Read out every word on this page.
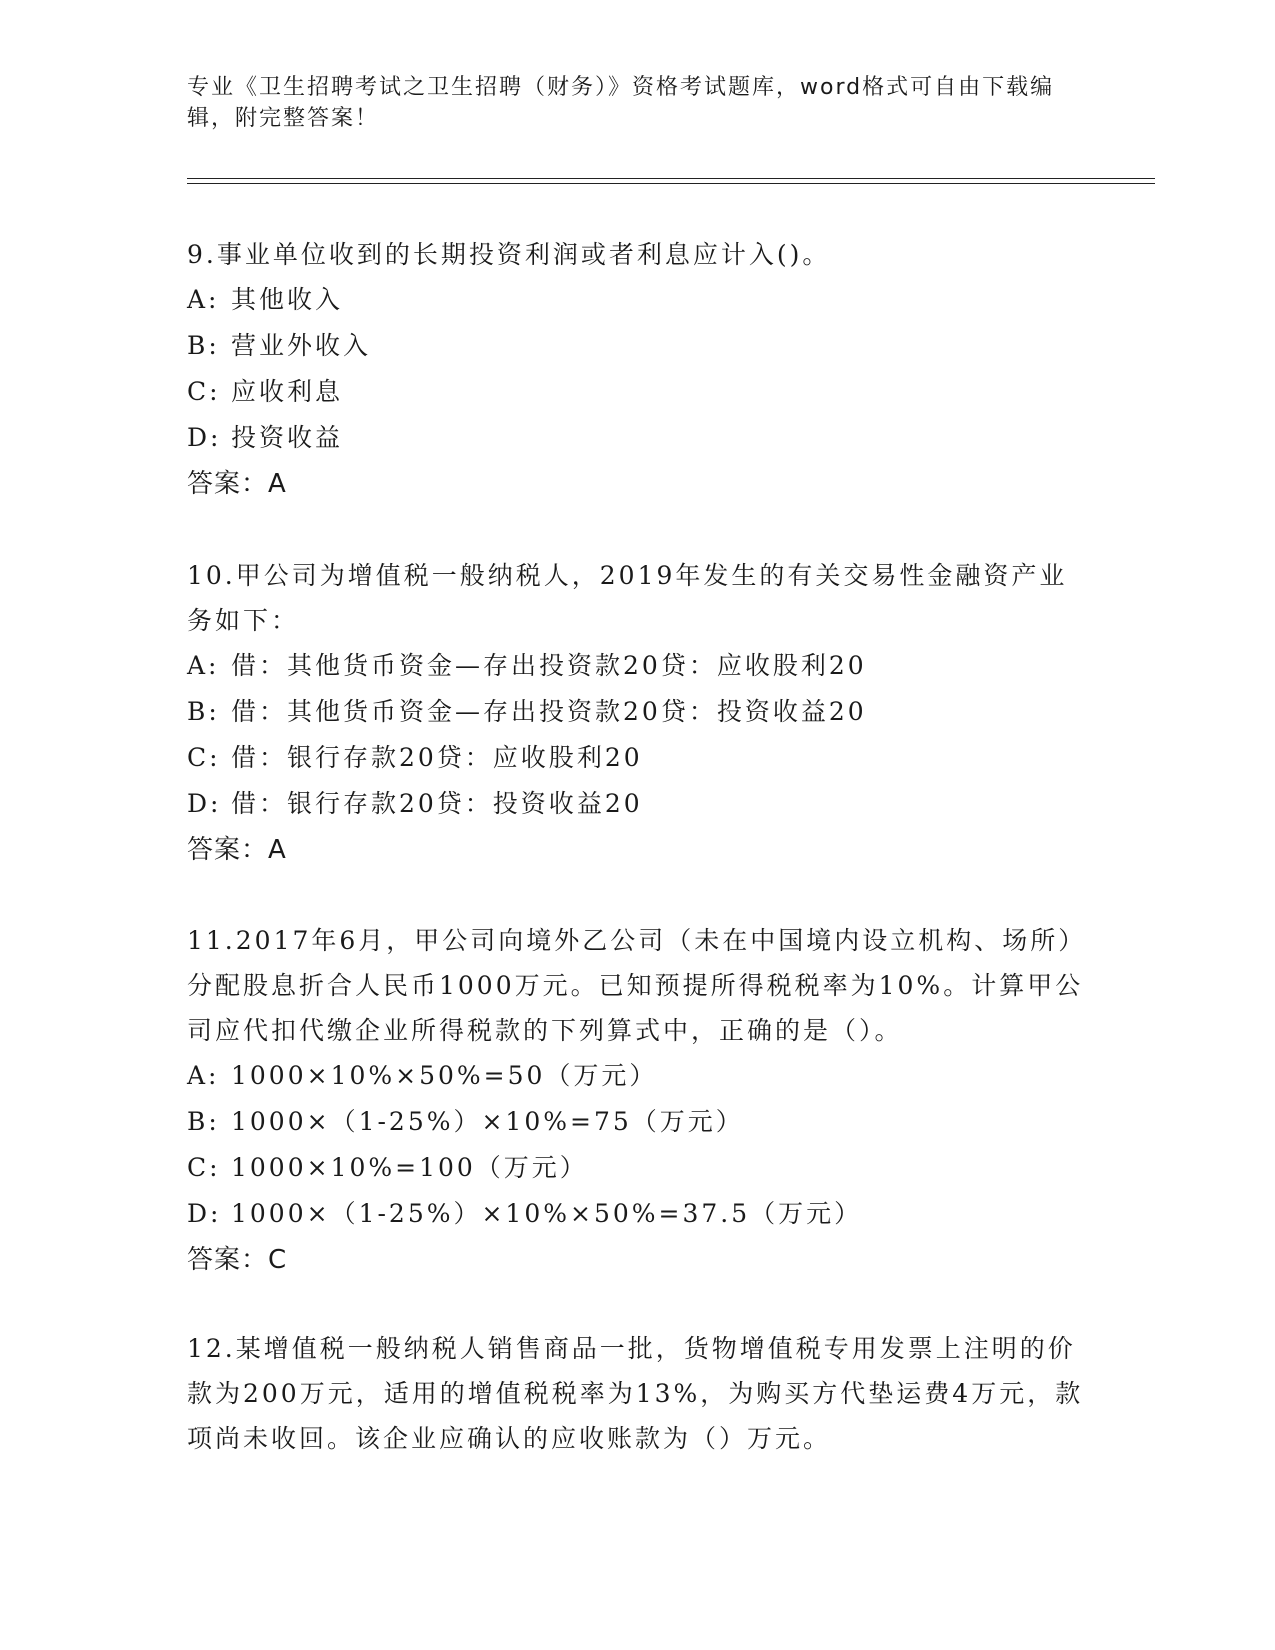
专业《卫生招聘考试之卫生招聘（财务）》资格考试题库，word格式可自由下载编辑，附完整答案！
9.事业单位收到的长期投资利润或者利息应计入()。
A: 其他收入
B: 营业外收入
C: 应收利息
D: 投资收益
答案：A
10.甲公司为增值税一般纳税人，2019年发生的有关交易性金融资产业务如下：
A: 借：其他货币资金—存出投资款20贷：应收股利20
B: 借：其他货币资金—存出投资款20贷：投资收益20
C: 借：银行存款20贷：应收股利20
D: 借：银行存款20贷：投资收益20
答案：A
11.2017年6月，甲公司向境外乙公司（未在中国境内设立机构、场所）分配股息折合人民币1000万元。已知预提所得税税率为10%。计算甲公司应代扣代缴企业所得税款的下列算式中，正确的是（）。
A: 1000×10%×50%=50（万元）
B: 1000×（1-25%）×10%=75（万元）
C: 1000×10%=100（万元）
D: 1000×（1-25%）×10%×50%=37.5（万元）
答案：C
12.某增值税一般纳税人销售商品一批，货物增值税专用发票上注明的价款为200万元，适用的增值税税率为13%，为购买方代垫运费4万元，款项尚未收回。该企业应确认的应收账款为（）万元。
